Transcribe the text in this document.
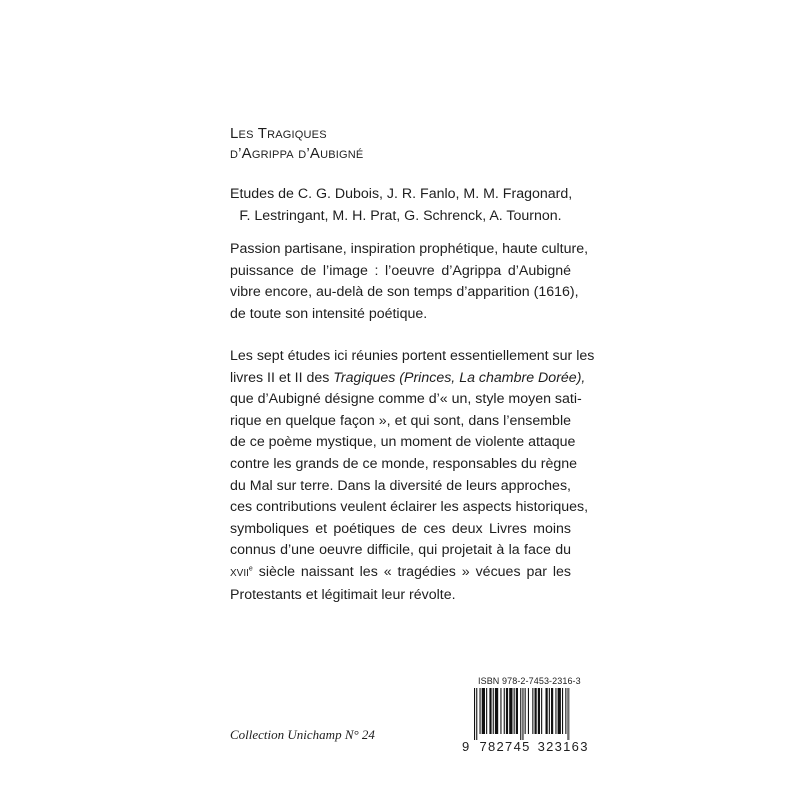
Les Tragiques
d’Agrippa d’Aubigné
Etudes de C. G. Dubois, J. R. Fanlo, M. M. Fragonard,
F. Lestringant, M. H. Prat, G. Schrenck, A. Tournon.
Passion partisane, inspiration prophétique, haute culture,
puissance de l’image : l’oeuvre d’Agrippa d’Aubigné
vibre encore, au-delà de son temps d’apparition (1616),
de toute son intensité poétique.
Les sept études ici réunies portent essentiellement sur les
livres II et II des Tragiques (Princes, La chambre Dorée),
que d’Aubigné désigne comme d’« un, style moyen sati-
rique en quelque façon », et qui sont, dans l’ensemble
de ce poème mystique, un moment de violente attaque
contre les grands de ce monde, responsables du règne
du Mal sur terre. Dans la diversité de leurs approches,
ces contributions veulent éclairer les aspects historiques,
symboliques et poétiques de ces deux Livres moins
connus d’une oeuvre difficile, qui projetait à la face du
XVIIe siècle naissant les « tragédies » vécues par les
Protestants et légitimait leur révolte.
Collection Unichamp N° 24
ISBN 978-2-7453-2316-3
9 782745 323163
